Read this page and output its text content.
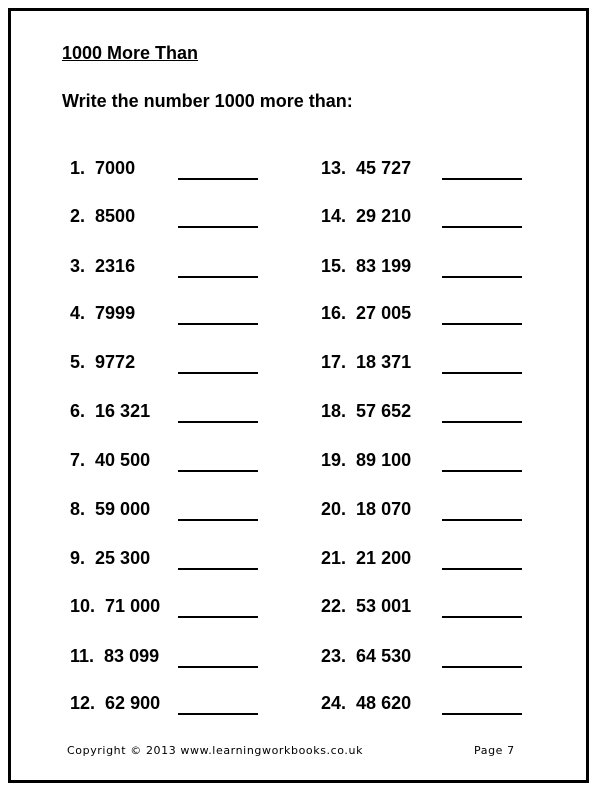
1000 More Than
Write the number 1000 more than:
1. 7000
2. 8500
3. 2316
4. 7999
5. 9772
6. 16 321
7. 40 500
8. 59 000
9. 25 300
10. 71 000
11. 83 099
12. 62 900
13. 45 727
14. 29 210
15. 83 199
16. 27 005
17. 18 371
18. 57 652
19. 89 100
20. 18 070
21. 21 200
22. 53 001
23. 64 530
24. 48 620
Copyright © 2013 www.learningworkbooks.co.uk	Page 7
